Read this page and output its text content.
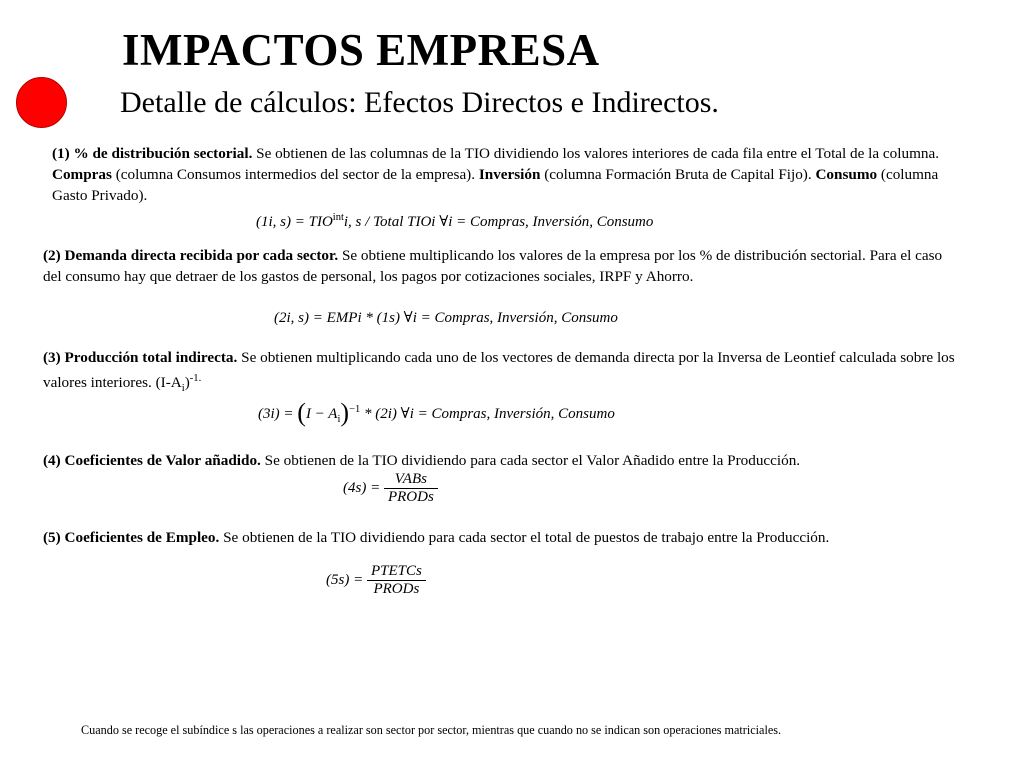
IMPACTOS EMPRESA
Detalle de cálculos: Efectos Directos e Indirectos.
(1) % de distribución sectorial. Se obtienen de las columnas de la TIO dividiendo los valores interiores de cada fila entre el Total de la columna. Compras (columna Consumos intermedios del sector de la empresa). Inversión (columna Formación Bruta de Capital Fijo). Consumo (columna Gasto Privado).
(1i, $s) = TIO^{int}i$, s / Total TIOi ∀i = Compras, Inversión, Consumo
(2) Demanda directa recibida por cada sector. Se obtiene multiplicando los valores de la empresa por los % de distribución sectorial. Para el caso del consumo hay que detraer de los gastos de personal, los pagos por cotizaciones sociales, IRPF y Ahorro.
(2i, s) = EMPi * (1s) ∀i = Compras, Inversión, Consumo
(3) Producción total indirecta. Se obtienen multiplicando cada uno de los vectores de demanda directa por la Inversa de Leontief calculada sobre los valores interiores. $(I-A_i)^{-1.}$
$(3i) = (I - A_i)^{-1} * (2i)$ ∀i = Compras, Inversión, Consumo
(4) Coeficientes de Valor añadido. Se obtienen de la TIO dividiendo para cada sector el Valor Añadido entre la Producción.
$(4s) = \frac{\text{VABs}}{\text{PRODs}}$
(5) Coeficientes de Empleo. Se obtienen de la TIO dividiendo para cada sector el total de puestos de trabajo entre la Producción.
$(5s) = \frac{\text{PTETCs}}{\text{PRODs}}$
Cuando se recoge el subíndice s las operaciones a realizar son sector por sector, mientras que cuando no se indican son operaciones matriciales.
